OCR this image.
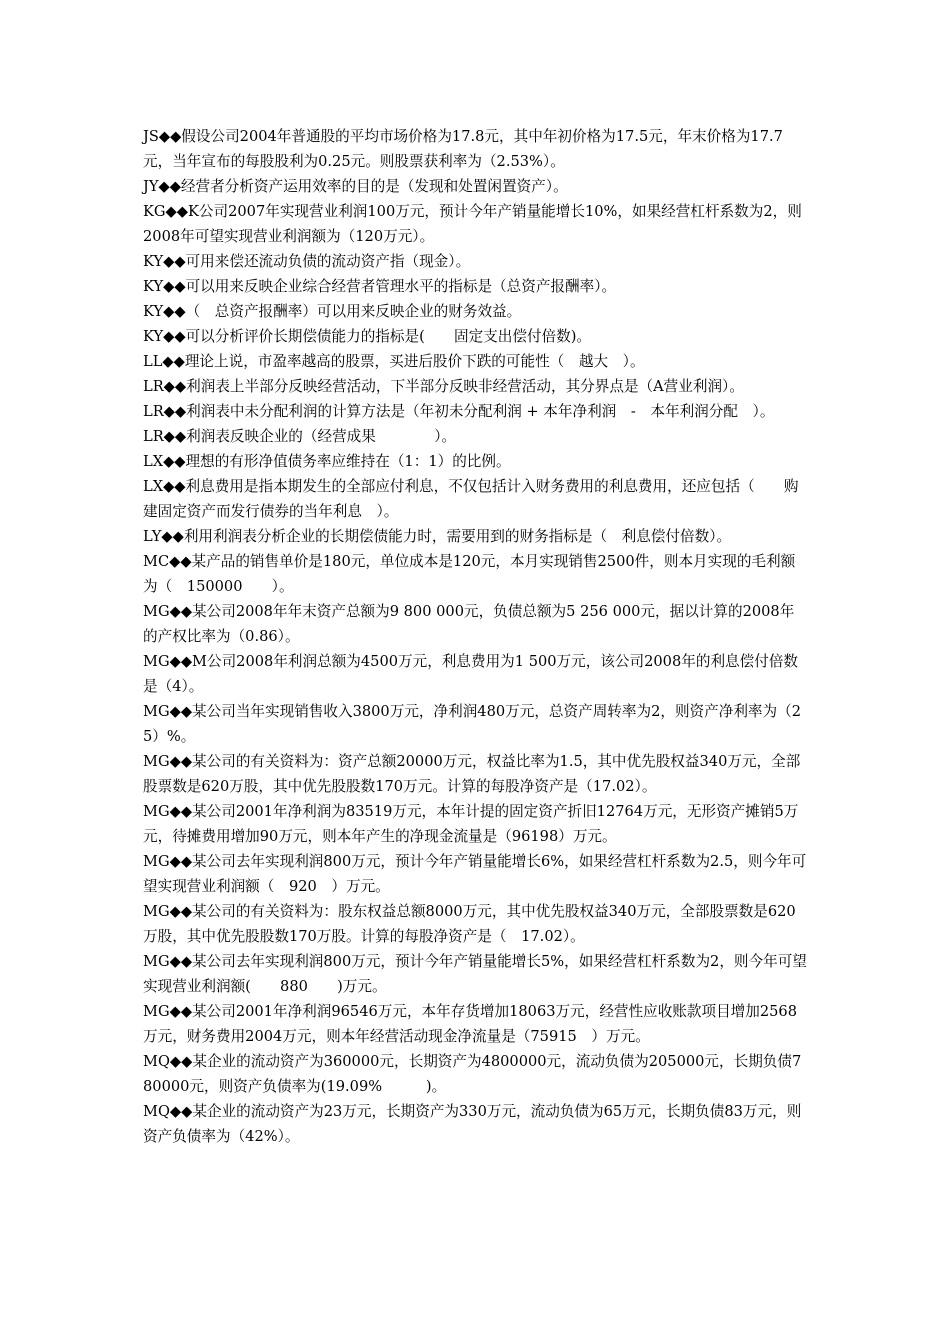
JS◆◆假设公司2004年普通股的平均市场价格为17.8元，其中年初价格为17.5元，年末价格为17.7元，当年宣布的每股股利为0.25元。则股票获利率为（2.53%）。
JY◆◆经营者分析资产运用效率的目的是（发现和处置闲置资产）。
KG◆◆K公司2007年实现营业利润100万元，预计今年产销量能增长10%，如果经营杠杆系数为2，则2008年可望实现营业利润额为（120万元）。
KY◆◆可用来偿还流动负债的流动资产指（现金）。
KY◆◆可以用来反映企业综合经营者管理水平的指标是（总资产报酬率）。
KY◆◆（　总资产报酬率）可以用来反映企业的财务效益。
KY◆◆可以分析评价长期偿债能力的指标是(　　固定支出偿付倍数)。
LL◆◆理论上说，市盈率越高的股票，买进后股价下跌的可能性（　越大　）。
LR◆◆利润表上半部分反映经营活动，下半部分反映非经营活动，其分界点是（A营业利润）。
LR◆◆利润表中未分配利润的计算方法是（年初未分配利润 + 本年净利润　-　本年利润分配　）。
LR◆◆利润表反映企业的（经营成果　　　　）。
LX◆◆理想的有形净值债务率应维持在（1：1）的比例。
LX◆◆利息费用是指本期发生的全部应付利息，不仅包括计入财务费用的利息费用，还应包括（　　购建固定资产而发行债券的当年利息　）。
LY◆◆利用利润表分析企业的长期偿债能力时，需要用到的财务指标是（　利息偿付倍数）。
MC◆◆某产品的销售单价是180元，单位成本是120元，本月实现销售2500件，则本月实现的毛利额为（　150000　　）。
MG◆◆某公司2008年年末资产总额为9 800 000元，负债总额为5 256 000元，据以计算的2008年的产权比率为（0.86）。
MG◆◆M公司2008年利润总额为4500万元，利息费用为1 500万元，该公司2008年的利息偿付倍数是（4）。
MG◆◆某公司当年实现销售收入3800万元，净利润480万元，总资产周转率为2，则资产净利率为（25）%。
MG◆◆某公司的有关资料为：资产总额20000万元，权益比率为1.5，其中优先股权益340万元，全部股票数是620万股，其中优先股股数170万元。计算的每股净资产是（17.02）。
MG◆◆某公司2001年净利润为83519万元，本年计提的固定资产折旧12764万元，无形资产摊销5万元，待摊费用增加90万元，则本年产生的净现金流量是（96198）万元。
MG◆◆某公司去年实现利润800万元，预计今年产销量能增长6%，如果经营杠杆系数为2.5，则今年可望实现营业利润额（　920　）万元。
MG◆◆某公司的有关资料为：股东权益总额8000万元，其中优先股权益340万元，全部股票数是620万股，其中优先股股数170万股。计算的每股净资产是（　17.02）。
MG◆◆某公司去年实现利润800万元，预计今年产销量能增长5%，如果经营杠杆系数为2，则今年可望实现营业利润额(　　880　　)万元。
MG◆◆某公司2001年净利润96546万元，本年存货增加18063万元，经营性应收账款项目增加2568万元，财务费用2004万元，则本年经营活动现金净流量是（75915　）万元。
MQ◆◆某企业的流动资产为360000元，长期资产为4800000元，流动负债为205000元，长期负债780000元，则资产负债率为(19.09%　　　)。
MQ◆◆某企业的流动资产为23万元，长期资产为330万元，流动负债为65万元，长期负债83万元，则资产负债率为（42%）。
